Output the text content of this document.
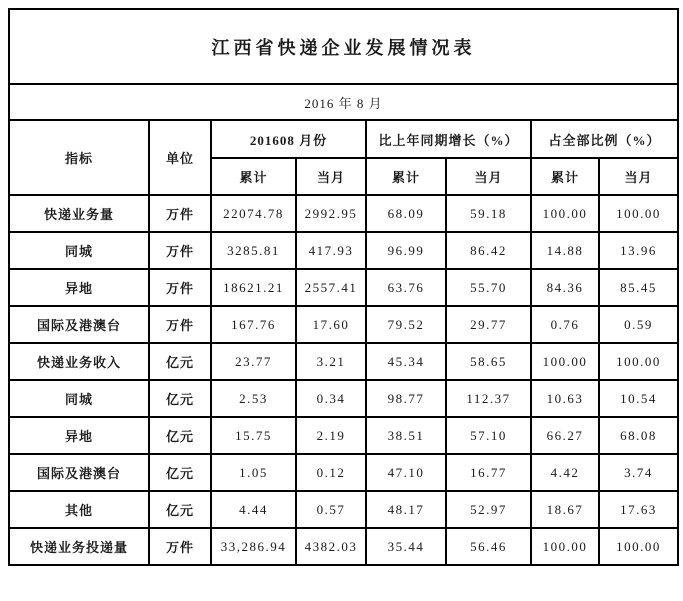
江西省快递企业发展情况表							
2016 年 8 月							
指标	单位	201608 月份		比上年同期增长（%）		占全部比例（%）	
		累计	当月	累计	当月	累计	当月
快递业务量	万件	22074.78	2992.95	68.09	59.18	100.00	100.00
同城	万件	3285.81	417.93	96.99	86.42	14.88	13.96
异地	万件	18621.21	2557.41	63.76	55.70	84.36	85.45
国际及港澳台	万件	167.76	17.60	79.52	29.77	0.76	0.59
快递业务收入	亿元	23.77	3.21	45.34	58.65	100.00	100.00
同城	亿元	2.53	0.34	98.77	112.37	10.63	10.54
异地	亿元	15.75	2.19	38.51	57.10	66.27	68.08
国际及港澳台	亿元	1.05	0.12	47.10	16.77	4.42	3.74
其他	亿元	4.44	0.57	48.17	52.97	18.67	17.63
快递业务投递量	万件	33,286.94	4382.03	35.44	56.46	100.00	100.00
